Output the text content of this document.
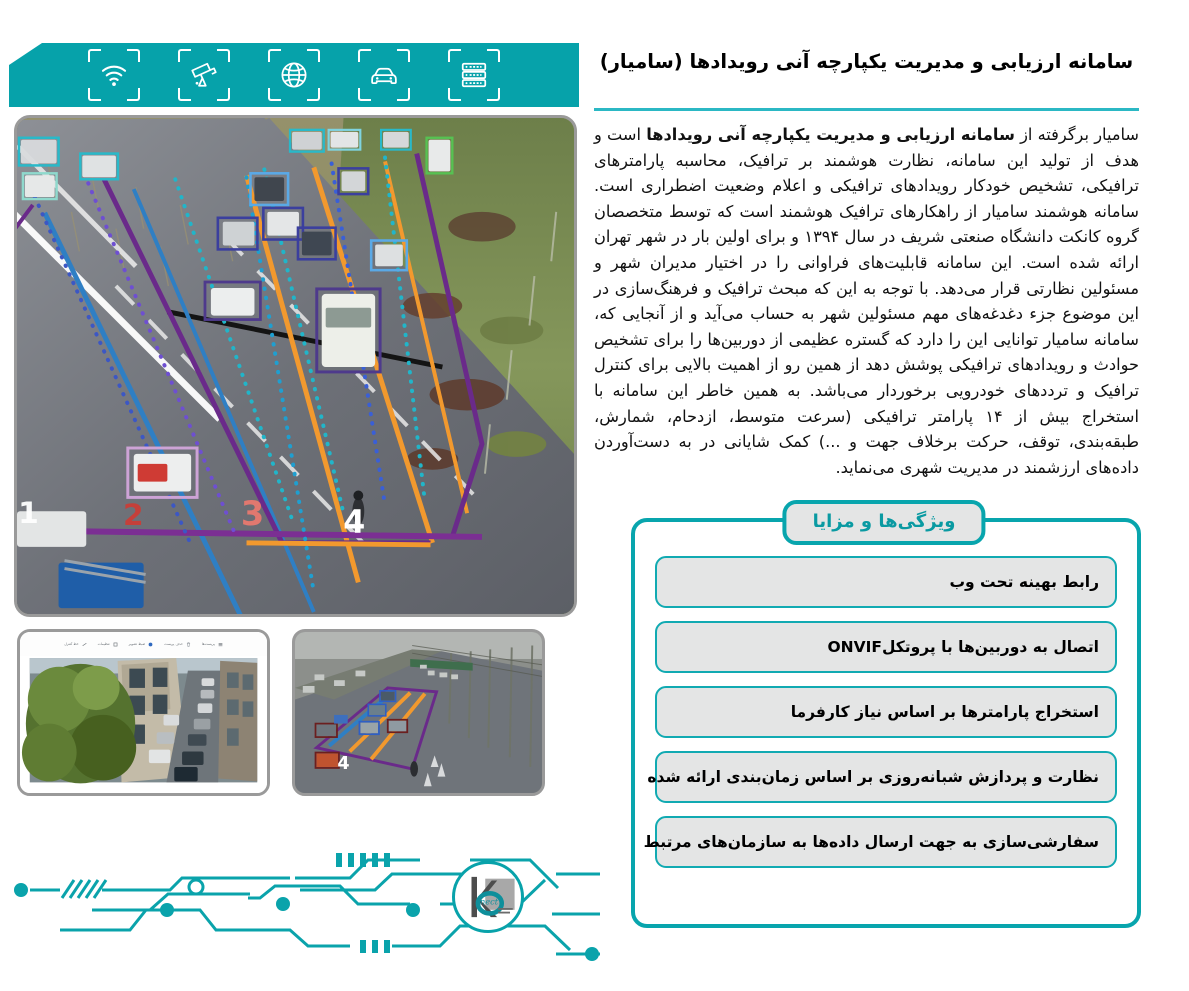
سامانه ارزیابی و مدیریت یکپارچه آنی رویدادها (سامیار)
سامیار برگرفته از سامانه ارزیابی و مدیریت یکپارچه آنی رویدادها است و هدف از تولید این سامانه، نظارت هوشمند بر ترافیک، محاسبه پارامترهای ترافیکی، تشخیص خودکار رویدادهای ترافیکی و اعلام وضعیت اضطراری است. سامانه هوشمند سامیار از راهکارهای ترافیک هوشمند است که توسط متخصصان گروه کانکت دانشگاه صنعتی شریف در سال ۱۳۹۴ و برای اولین بار در شهر تهران ارائه شده است. این سامانه قابلیت‌های فراوانی را در اختیار مدیران شهر و مسئولین نظارتی قرار می‌دهد. با توجه به این که مبحث ترافیک و فرهنگ‌سازی در این موضوع جزء دغدغه‌های مهم مسئولین شهر به حساب می‌آید و از آنجایی که، سامانه سامیار توانایی این را دارد که گستره عظیمی از دوربین‌ها را برای تشخیص حوادث و رویدادهای ترافیکی پوشش دهد از همین رو از اهمیت بالایی برای کنترل ترافیک و ترددهای خودرویی برخوردار می‌باشد. به همین خاطر این سامانه با استخراج بیش از ۱۴ پارامتر ترافیکی (سرعت متوسط، ازدحام، شمارش، طبقه‌بندی، توقف، حرکت برخلاف جهت و ...) کمک شایانی در به دست‌آوردن داده‌های ارزشمند در مدیریت شهری می‌نماید.
ویژگی‌ها و مزایا
رابط بهینه تحت وب
اتصال به دوربین‌ها با پروتکلONVIF
استخراج پارامترها بر اساس نیاز کارفرما
نظارت و پردازش شبانه‌روزی بر اساس زمان‌بندی ارائه شده
سفارشی‌سازی به جهت ارسال داده‌ها به سازمان‌های مرتبط
1	2	3 4
پریست‌ها
حذف پریست
ضبط تصویر
تنظیمات
خط کنترل
4
nect
